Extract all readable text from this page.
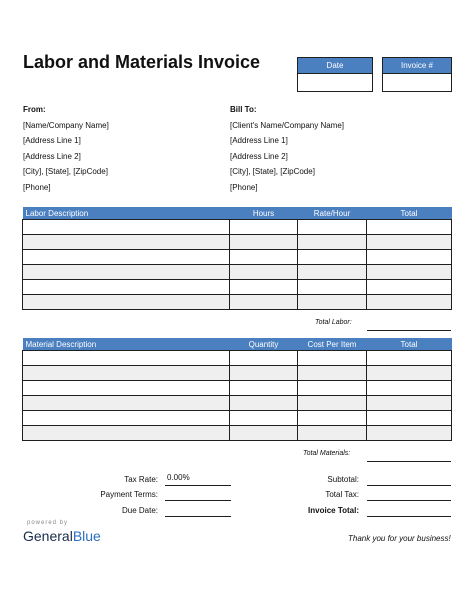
Labor and Materials Invoice	Date	Invoice #
From:
[Name/Company Name]
[Address Line 1]
[Address Line 2]
[City], [State], [ZipCode]
[Phone]
Bill To:
[Client's Name/Company Name]
[Address Line 1]
[Address Line 2]
[City], [State], [ZipCode]
[Phone]
Labor Description	Hours	Rate/Hour	Total

Total Labor:
Material Description	Quantity	Cost Per Item	Total

Total Materials:
Tax Rate: 0.00%
Payment Terms:
Due Date:
Subtotal:
Total Tax:
Invoice Total:
powered by
GeneralBlue	Thank you for your business!
